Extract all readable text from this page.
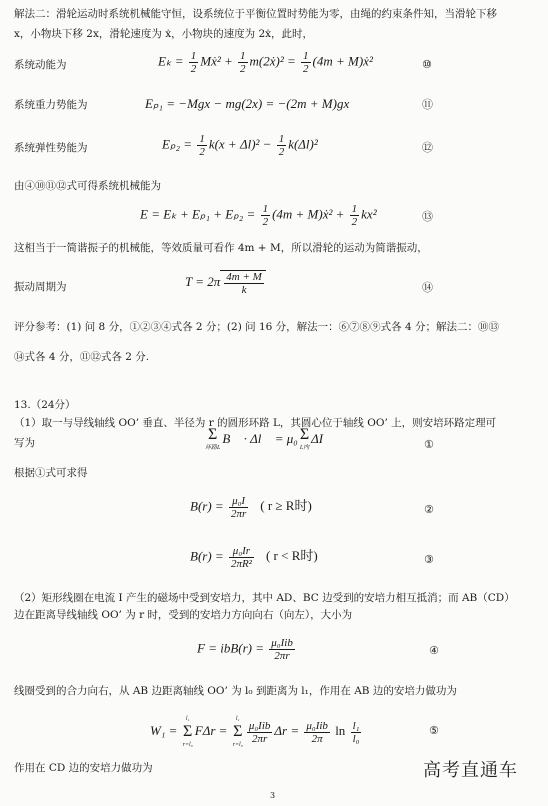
解法二：滑轮运动时系统机械能守恒，设系统位于平衡位置时势能为零，由绳的约束条件知，当滑轮下移
x，小物块下移 2x，滑轮速度为 ẋ，小物块的速度为 2ẋ，此时，
系统动能为	$E_k = \frac{1}{2}$ Mẋ² + $\frac{1}{2}$ m(2ẋ)² = $\frac{1}{2} (4m$ + M)ẋ²	⑩
系统重力势能为	Eₚ₁ = −Mgx − mg(2x) = −(2m + M)gx	⑪
系统弹性势能为	$E_{p2} = \frac{1}{2} k(x + \Delta l)^2 - \frac{1}{2} k(\Delta l)^2$	⑫
由④⑩⑪⑫式可得系统机械能为
$E = E_k + E_{p1} + E_{p2} = \frac{1}{2} (4m$ + M)ẋ² + $\frac{1}{2} kx^2$	⑬
这相当于一简谐振子的机械能，等效质量可看作 4m + M，所以滑轮的运动为简谐振动，
振动周期为	$T = 2\pi \frac{4m + M}{k}$	⑭
评分参考：(1) 问 8 分，①②③④式各 2 分；(2) 问 16 分，解法一：⑥⑦⑧⑨式各 4 分；解法二：⑩⑬
⑭式各 4 分，⑪⑫式各 2 分.
13.（24分）
（1）取一与导线轴线 OO’ 垂直、半径为 r 的圆形环路 L，其圆心位于轴线 OO’ 上，则安培环路定理可
写为	Σ
环路L
B⃗ · Δl⃗ = μ₀ Σ
L内
ΔI	①
根据①式可求得
$B(r) = \frac{\text{μ₀I}}{2\pi r}$ ( r ≥ R时)	②
$B(r) = \frac{\text{μ₀Ir}}{\text{2πR²}}$ ( r < R时)	③
（2）矩形线圈在电流 I 产生的磁场中受到安培力，其中 AD、BC 边受到的安培力相互抵消；而 AB（CD）
边在距离导线轴线 OO’ 为 r 时，受到的安培力方向向右（向左），大小为
$F = ibB(r) = \frac{\text{μ₀Iib}}{2\pi r}$	④
线圈受到的合力向右，从 AB 边距离轴线 OO’ 为 l₀ 到距离为 l₁，作用在 AB 边的安培力做功为
W₁ =
l₁
Σ
r=l₀
FΔr =
l₁
Σ
r=l₀
$\frac{\text{μ₀Iib}}{2\pi r}$ $\Delta r = \frac{\text{μ₀Iib}}{2\pi}$ $\ln \frac{\text{l₁}}{\text{l₀}}$	⑤
作用在 CD 边的安培力做功为	高考直通车
3
